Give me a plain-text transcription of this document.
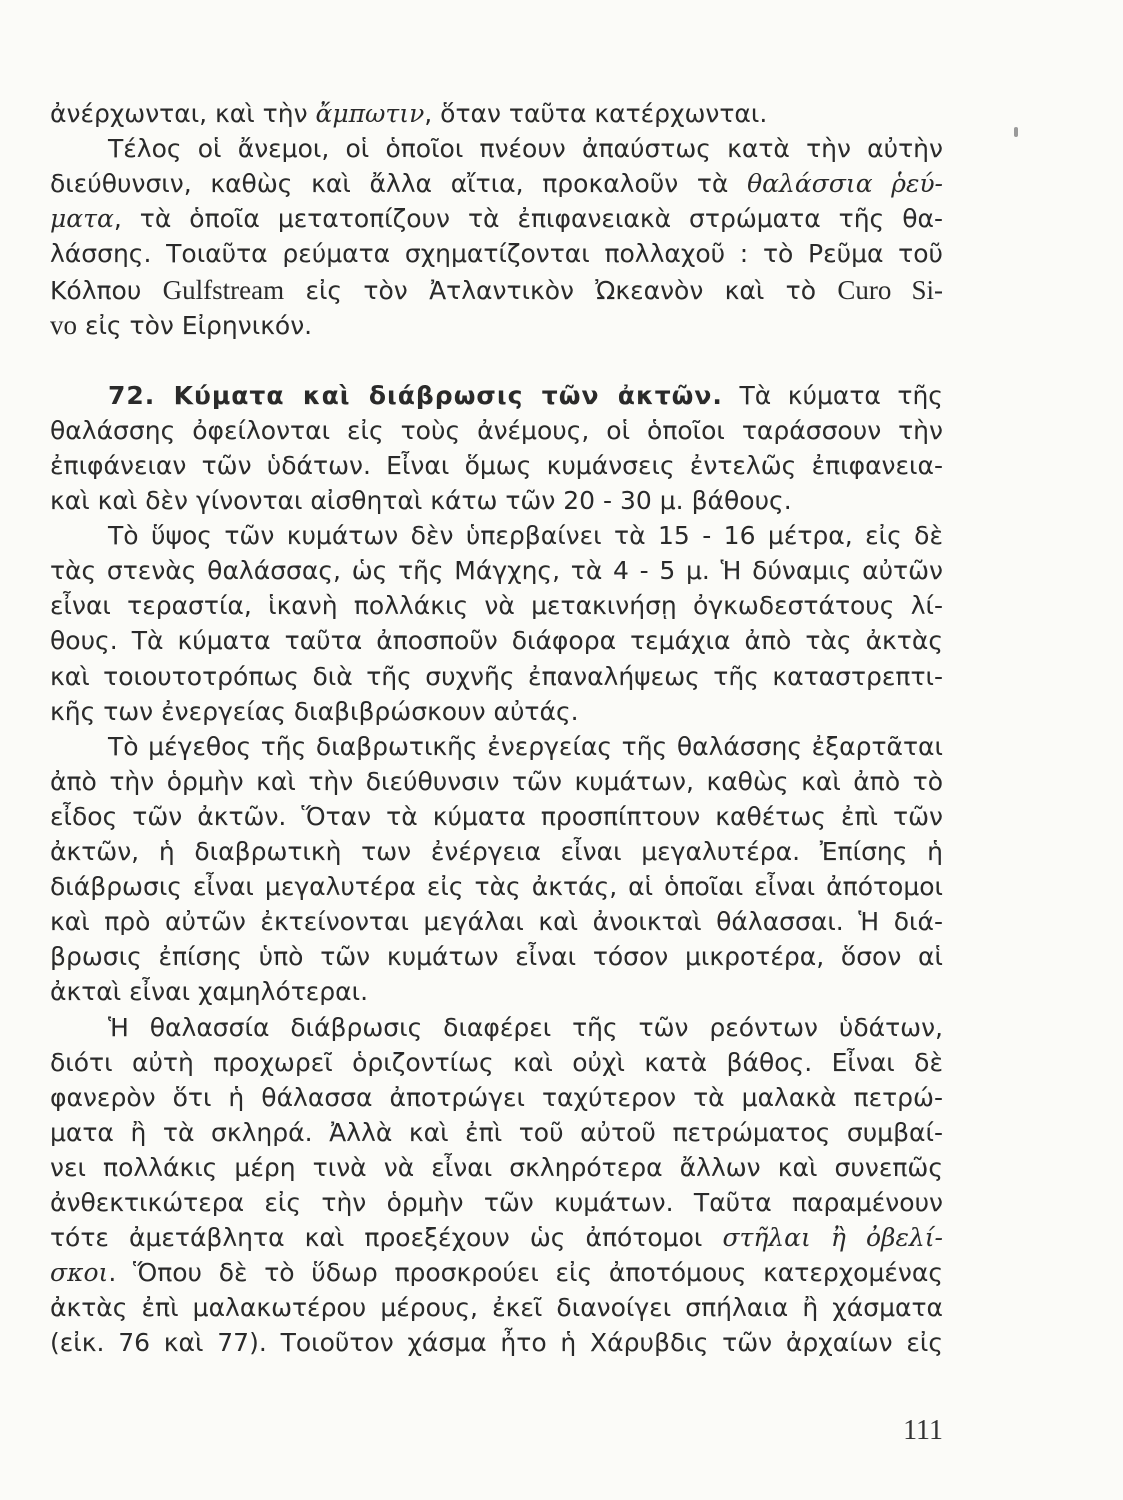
ἀνέρχωνται, καὶ τὴν ἄμπωτιν, ὅταν ταῦτα κατέρχωνται.
Τέλος οἱ ἄνεμοι, οἱ ὁποῖοι πνέουν ἀπαύστως κατὰ τὴν αὐτὴν
διεύθυνσιν, καθὼς καὶ ἄλλα αἴτια, προκαλοῦν τὰ θαλάσσια ῥεύ-
ματα, τὰ ὁποῖα μετατοπίζουν τὰ ἐπιφανειακὰ στρώματα τῆς θα-
λάσσης. Τοιαῦτα ρεύματα σχηματίζονται πολλαχοῦ : τὸ Ρεῦμα τοῦ
Κόλπου Gulfstream εἰς τὸν Ἀτλαντικὸν Ὠκεανὸν καὶ τὸ Curo Si-
vo εἰς τὸν Εἰρηνικόν.
72. Κύματα καὶ διάβρωσις τῶν ἀκτῶν. Τὰ κύματα τῆς
θαλάσσης ὀφείλονται εἰς τοὺς ἀνέμους, οἱ ὁποῖοι ταράσσουν τὴν
ἐπιφάνειαν τῶν ὑδάτων. Εἶναι ὅμως κυμάνσεις ἐντελῶς ἐπιφανεια-
καὶ καὶ δὲν γίνονται αἰσθηταὶ κάτω τῶν 20 - 30 μ. βάθους.
Τὸ ὕψος τῶν κυμάτων δὲν ὑπερβαίνει τὰ 15 - 16 μέτρα, εἰς δὲ
τὰς στενὰς θαλάσσας, ὡς τῆς Μάγχης, τὰ 4 - 5 μ. Ἡ δύναμις αὐτῶν
εἶναι τεραστία, ἱκανὴ πολλάκις νὰ μετακινήσῃ ὀγκωδεστάτους λί-
θους. Τὰ κύματα ταῦτα ἀποσποῦν διάφορα τεμάχια ἀπὸ τὰς ἀκτὰς
καὶ τοιουτοτρόπως διὰ τῆς συχνῆς ἐπαναλήψεως τῆς καταστρεπτι-
κῆς των ἐνεργείας διαβιβρώσκουν αὐτάς.
Τὸ μέγεθος τῆς διαβρωτικῆς ἐνεργείας τῆς θαλάσσης ἐξαρτᾶται
ἀπὸ τὴν ὁρμὴν καὶ τὴν διεύθυνσιν τῶν κυμάτων, καθὼς καὶ ἀπὸ τὸ
εἶδος τῶν ἀκτῶν. Ὅταν τὰ κύματα προσπίπτουν καθέτως ἐπὶ τῶν
ἀκτῶν, ἡ διαβρωτικὴ των ἐνέργεια εἶναι μεγαλυτέρα. Ἐπίσης ἡ
διάβρωσις εἶναι μεγαλυτέρα εἰς τὰς ἀκτάς, αἱ ὁποῖαι εἶναι ἀπότομοι
καὶ πρὸ αὐτῶν ἐκτείνονται μεγάλαι καὶ ἀνοικταὶ θάλασσαι. Ἡ διά-
βρωσις ἐπίσης ὑπὸ τῶν κυμάτων εἶναι τόσον μικροτέρα, ὅσον αἱ
ἀκταὶ εἶναι χαμηλότεραι.
Ἡ θαλασσία διάβρωσις διαφέρει τῆς τῶν ρεόντων ὑδάτων,
διότι αὐτὴ προχωρεῖ ὁριζοντίως καὶ οὐχὶ κατὰ βάθος. Εἶναι δὲ
φανερὸν ὅτι ἡ θάλασσα ἀποτρώγει ταχύτερον τὰ μαλακὰ πετρώ-
ματα ἢ τὰ σκληρά. Ἀλλὰ καὶ ἐπὶ τοῦ αὐτοῦ πετρώματος συμβαί-
νει πολλάκις μέρη τινὰ νὰ εἶναι σκληρότερα ἄλλων καὶ συνεπῶς
ἀνθεκτικώτερα εἰς τὴν ὁρμὴν τῶν κυμάτων. Ταῦτα παραμένουν
τότε ἀμετάβλητα καὶ προεξέχουν ὡς ἀπότομοι στῆλαι ἢ ὀβελί-
σκοι. Ὅπου δὲ τὸ ὕδωρ προσκρούει εἰς ἀποτόμους κατερχομένας
ἀκτὰς ἐπὶ μαλακωτέρου μέρους, ἐκεῖ διανοίγει σπήλαια ἢ χάσματα
(εἰκ. 76 καὶ 77). Τοιοῦτον χάσμα ἦτο ἡ Χάρυβδις τῶν ἀρχαίων εἰς
111
